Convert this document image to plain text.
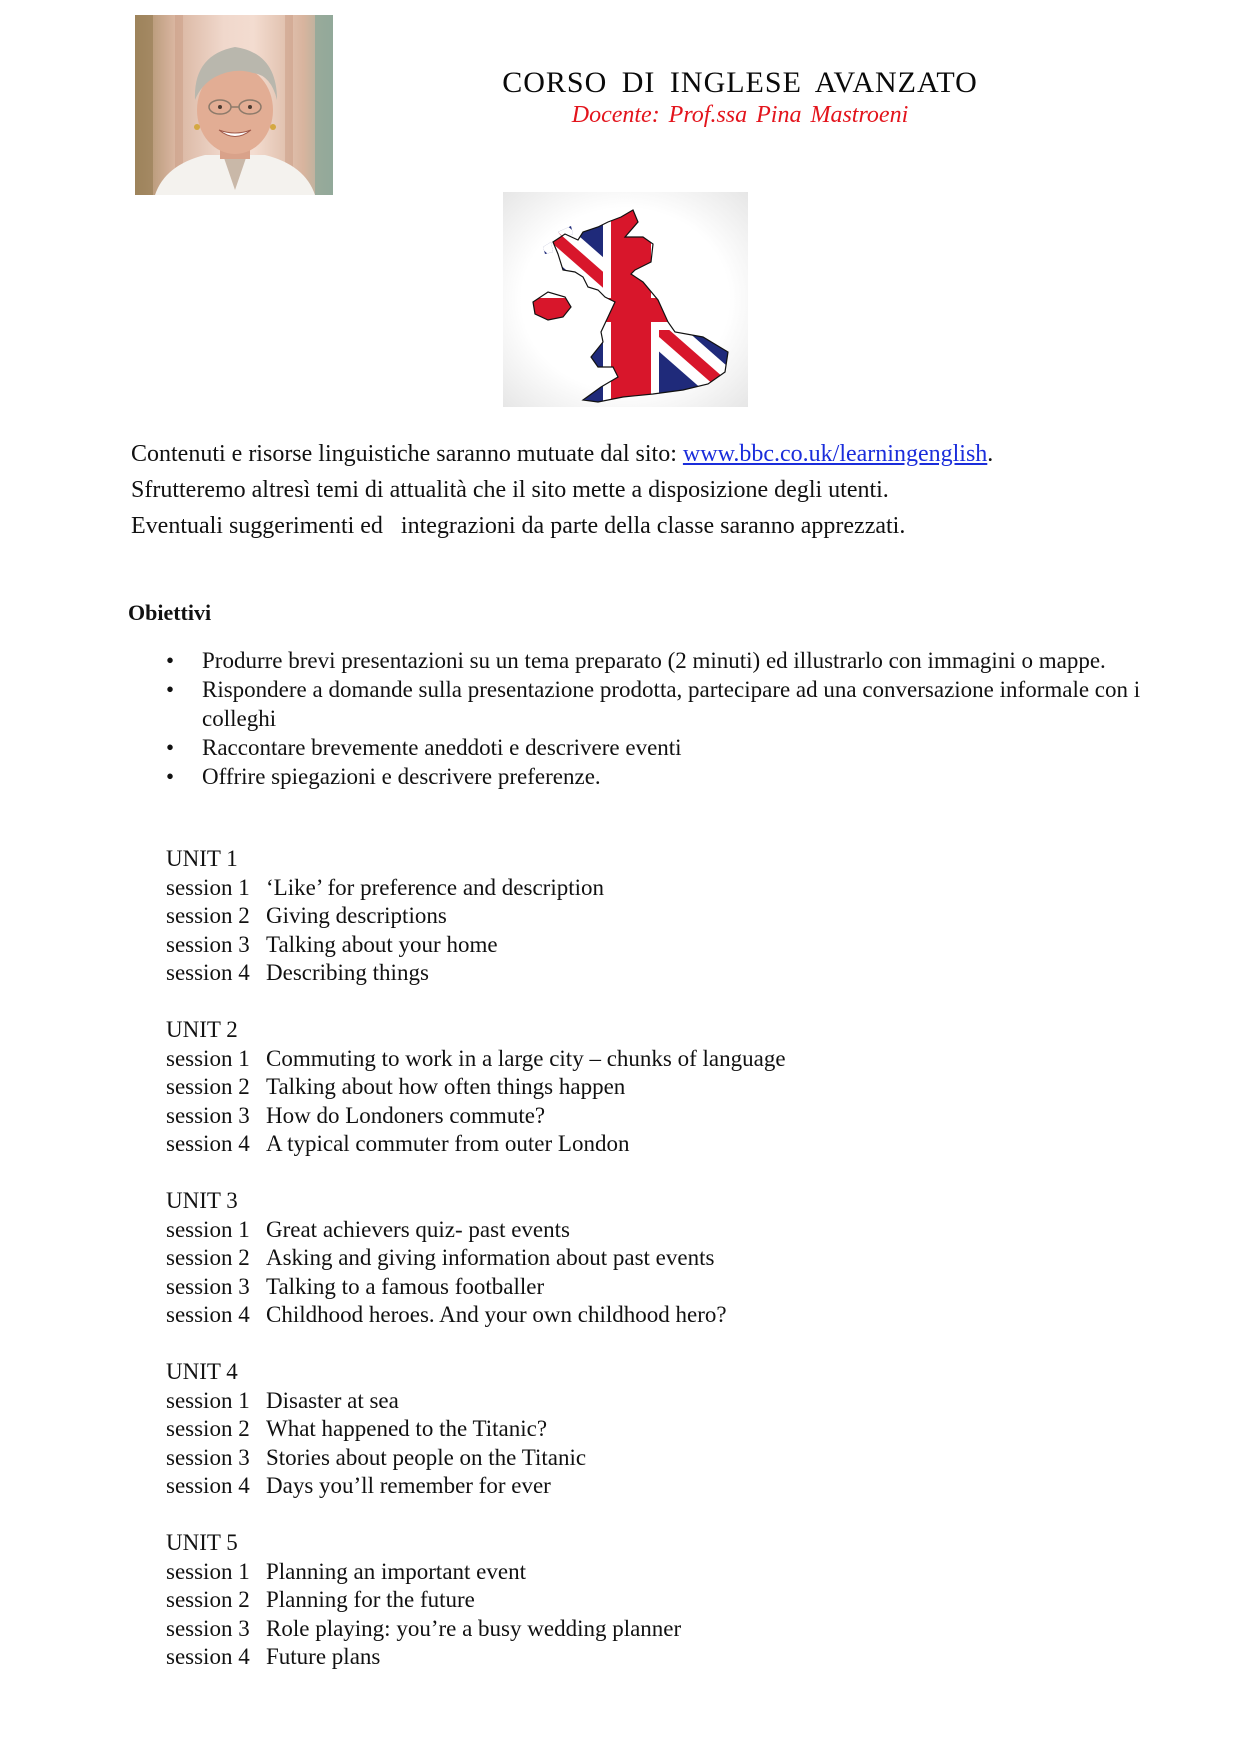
CORSO DI INGLESE AVANZATO
Docente: Prof.ssa Pina Mastroeni

Contenuti e risorse linguistiche saranno mutuate dal sito: www.bbc.co.uk/learningenglish.

Sfrutteremo altresì temi di attualità che il sito mette a disposizione degli utenti.

Eventuali suggerimenti ed   integrazioni da parte della classe saranno apprezzati.

Obiettivi
• Produrre brevi presentazioni su un tema preparato (2 minuti) ed illustrarlo con immagini o mappe.
• Rispondere a domande sulla presentazione prodotta, partecipare ad una conversazione informale con i colleghi
• Raccontare brevemente aneddoti e descrivere eventi
• Offrire spiegazioni e descrivere preferenze.
UNIT 1
session 1 ‘Like’ for preference and description
session 2 Giving descriptions
session 3 Talking about your home
session 4 Describing things
UNIT 2
session 1 Commuting to work in a large city – chunks of language
session 2 Talking about how often things happen
session 3 How do Londoners commute?
session 4 A typical commuter from outer London
UNIT 3
session 1 Great achievers quiz- past events
session 2 Asking and giving information about past events
session 3 Talking to a famous footballer
session 4 Childhood heroes. And your own childhood hero?
UNIT 4
session 1 Disaster at sea
session 2 What happened to the Titanic?
session 3 Stories about people on the Titanic
session 4 Days you’ll remember for ever
UNIT 5
session 1 Planning an important event
session 2 Planning for the future
session 3 Role playing: you’re a busy wedding planner
session 4 Future plans
